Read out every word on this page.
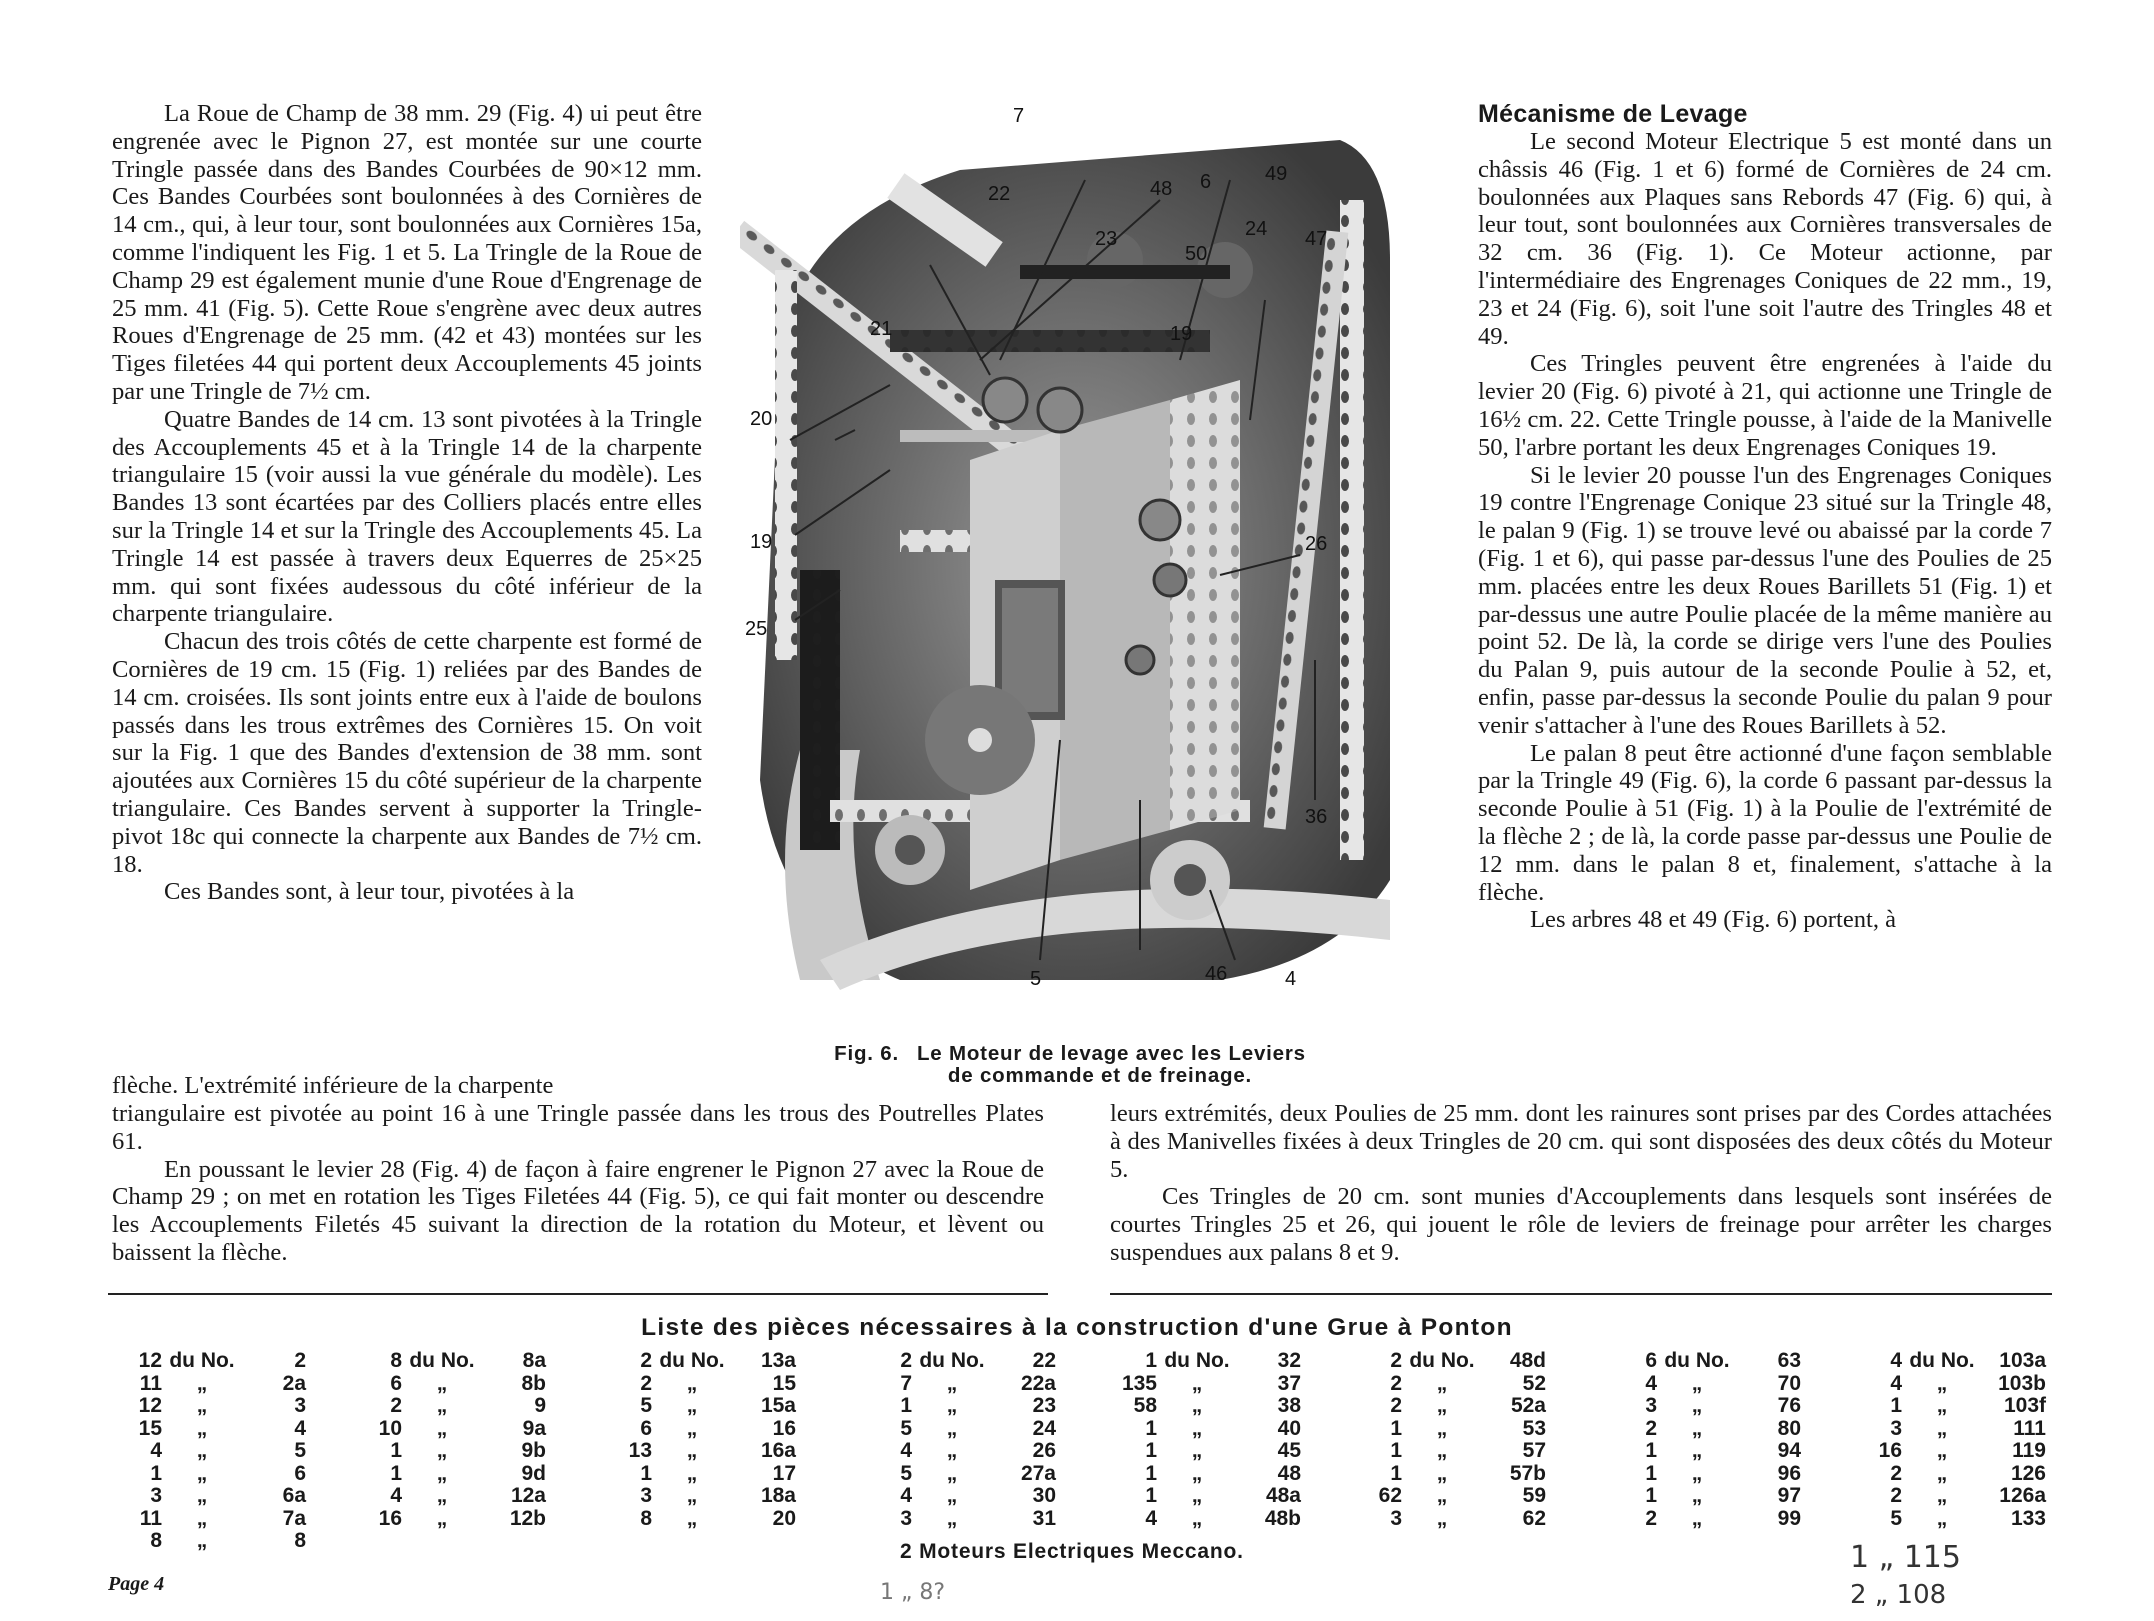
La Roue de Champ de 38 mm. 29 (Fig. 4) ui peut être engrenée avec le Pignon 27, est montée sur une courte Tringle passée dans des Bandes Courbées de 90×12 mm. Ces Bandes Courbées sont boulonnées à des Cornières de 14 cm., qui, à leur tour, sont boulonnées aux Cornières 15a, comme l'indiquent les Fig. 1 et 5. La Tringle de la Roue de Champ 29 est également munie d'une Roue d'Engrenage de 25 mm. 41 (Fig. 5). Cette Roue s'engrène avec deux autres Roues d'Engrenage de 25 mm. (42 et 43) montées sur les Tiges filetées 44 qui portent deux Accouplements 45 joints par une Tringle de 7½ cm.

Quatre Bandes de 14 cm. 13 sont pivotées à la Tringle des Accouplements 45 et à la Tringle 14 de la charpente triangulaire 15 (voir aussi la vue générale du modèle). Les Bandes 13 sont écartées par des Colliers placés entre elles sur la Tringle 14 et sur la Tringle des Accouplements 45. La Tringle 14 est passée à travers deux Equerres de 25×25 mm. qui sont fixées audessous du côté inférieur de la charpente triangulaire.

Chacun des trois côtés de cette charpente est formé de Cornières de 19 cm. 15 (Fig. 1) reliées par des Bandes de 14 cm. croisées. Ils sont joints entre eux à l'aide de boulons passés dans les trous extrêmes des Cornières 15. On voit sur la Fig. 1 que des Bandes d'extension de 38 mm. sont ajoutées aux Cornières 15 du côté supérieur de la charpente triangulaire. Ces Bandes servent à supporter la Tringle-pivot 18c qui connecte la charpente aux Bandes de 7½ cm. 18.

Ces Bandes sont, à leur tour, pivotées à la

flèche. L'extrémité inférieure de la charpente
Mécanisme de Levage

Le second Moteur Electrique 5 est monté dans un châssis 46 (Fig. 1 et 6) formé de Cornières de 24 cm. boulonnées aux Plaques sans Rebords 47 (Fig. 6) qui, à leur tout, sont boulonnées aux Cornières transversales de 32 cm. 36 (Fig. 1). Ce Moteur actionne, par l'intermédiaire des Engrenages Coniques de 22 mm., 19, 23 et 24 (Fig. 6), soit l'une soit l'autre des Tringles 48 et 49.

Ces Tringles peuvent être engrenées à l'aide du levier 20 (Fig. 6) pivoté à 21, qui actionne une Tringle de 16½ cm. 22. Cette Tringle pousse, à l'aide de la Manivelle 50, l'arbre portant les deux Engrenages Coniques 19.

Si le levier 20 pousse l'un des Engrenages Coniques 19 contre l'Engrenage Conique 23 situé sur la Tringle 48, le palan 9 (Fig. 1) se trouve levé ou abaissé par la corde 7 (Fig. 1 et 6), qui passe par-dessus l'une des Poulies de 25 mm. placées entre les deux Roues Barillets 51 (Fig. 1) et par-dessus une autre Poulie placée de la même manière au point 52. De là, la corde se dirige vers l'une des Poulies du Palan 9, puis autour de la seconde Poulie à 52, et, enfin, passe par-dessus la seconde Poulie du palan 9 pour venir s'attacher à l'une des Roues Barillets à 52.

Le palan 8 peut être actionné d'une façon semblable par la Tringle 49 (Fig. 6), la corde 6 passant par-dessus la seconde Poulie à 51 (Fig. 1) à la Poulie de l'extrémité de la flèche 2 ; de là, la corde passe par-dessus une Poulie de 12 mm. dans le palan 8 et, finalement, s'attache à la flèche.

Les arbres 48 et 49 (Fig. 6) portent, à

7
22	48 6	49
23
50
24 47
21	19
20
19	26
25
36
5	46	4
Fig. 6. Le Moteur de levage avec les Leviers
de commande et de freinage.

triangulaire est pivotée au point 16 à une Tringle passée dans les trous des Poutrelles Plates 61.

En poussant le levier 28 (Fig. 4) de façon à faire engrener le Pignon 27 avec la Roue de Champ 29 ; on met en rotation les Tiges Filetées 44 (Fig. 5), ce qui fait monter ou descendre les Accouplements Filetés 45 suivant la direction de la rotation du Moteur, et lèvent ou baissent la flèche.

leurs extrémités, deux Poulies de 25 mm. dont les rainures sont prises par des Cordes attachées à des Manivelles fixées à deux Tringles de 20 cm. qui sont disposées des deux côtés du Moteur 5.

Ces Tringles de 20 cm. sont munies d'Accouplements dans lesquels sont insérées de courtes Tringles 25 et 26, qui jouent le rôle de leviers de freinage pour arrêter les charges suspendues aux palans 8 et 9.

Liste des pièces nécessaires à la construction d'une Grue à Ponton
12 du No.	2
11	„	2a
12	„	3
15	„	4
4	„	5
1	„	6
3	„	6a
11	„	7a
8	„	8
8 du No.	8a
6	„	8b
2	„	9
10	„	9a
1	„	9b
1	„	9d
4	„	12a
16	„	12b
2 du No.	13a
2	„	15
5	„	15a
6	„	16
13	„	16a
1	„	17
3	„	18a
8	„	20
2 du No.	22
7	„	22a
1	„	23
5	„	24
4	„	26
5	„	27a
4	„	30
3	„	31
1 du No.	32
135	„	37
58	„	38
1	„	40
1	„	45
1	„	48
1	„	48a
4	„	48b
2 du No.	48d
2	„	52
2	„	52a
1	„	53
1	„	57
1	„	57b
62	„	59
3	„	62
6 du No.	63
4	„	70
3	„	76
2	„	80
1	„	94
1	„	96
1	„	97
2	„	99
4 du No.	103a
4	„	103b
1	„	103f
3	„	111
16	„	119
2	„	126
2	„	126a
5	„	133
2 Moteurs Electriques Meccano.
Page 4
1 „ 115
2 „ 108
1 „ 8?
